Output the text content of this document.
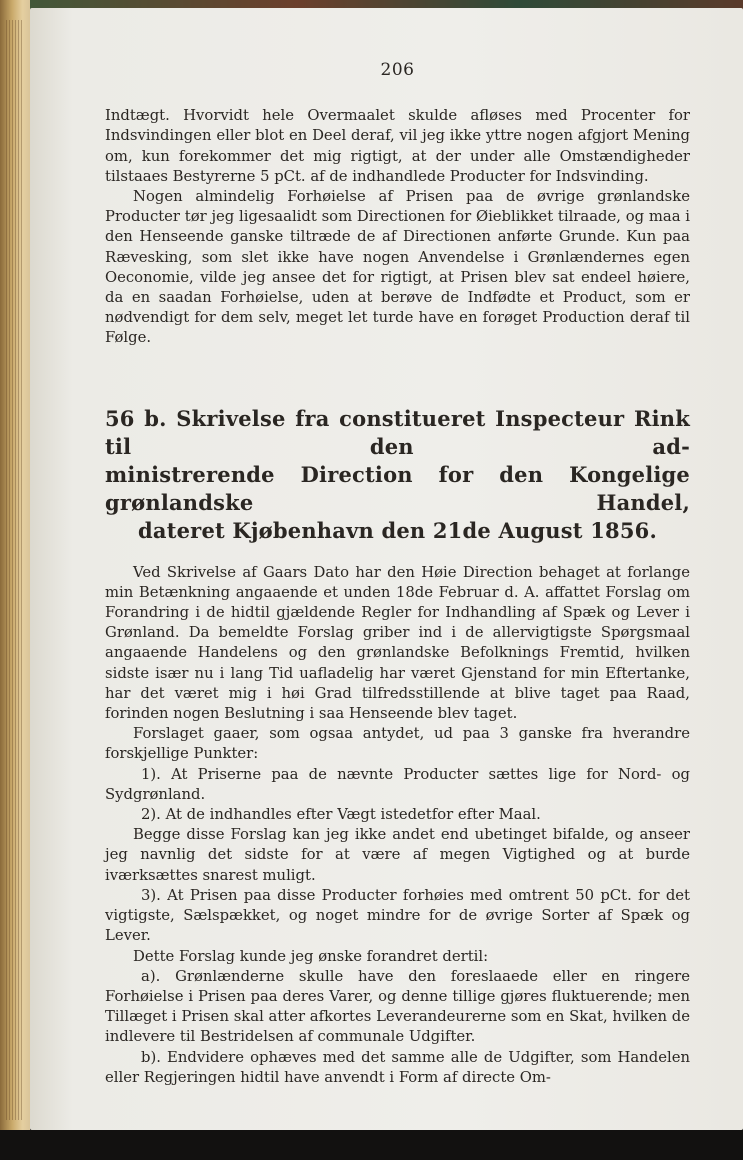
206

Indtægt. Hvorvidt hele Overmaalet skulde afløses med Procenter for Indsvindingen eller blot en Deel deraf, vil jeg ikke yttre nogen afgjort Mening om, kun forekommer det mig rigtigt, at der under alle Omstændigheder tilstaaes Bestyrerne 5 pCt. af de indhandlede Producter for Indsvinding.

Nogen almindelig Forhøielse af Prisen paa de øvrige grønlandske Producter tør jeg ligesaalidt som Directionen for Øieblikket tilraade, og maa i den Henseende ganske tiltræde de af Directionen anførte Grunde. Kun paa Rævesking, som slet ikke have nogen Anvendelse i Grønlændernes egen Oeconomie, vilde jeg ansee det for rigtigt, at Prisen blev sat endeel høiere, da en saadan Forhøielse, uden at berøve de Indfødte et Product, som er nødvendigt for dem selv, meget let turde have en forøget Production deraf til Følge.

56 b. Skrivelse fra constitueret Inspecteur Rink til den ad-
ministrerende Direction for den Kongelige grønlandske Handel,
dateret Kjøbenhavn den 21de August 1856.

Ved Skrivelse af Gaars Dato har den Høie Direction behaget at forlange min Betænkning angaaende et unden 18de Februar d. A. affattet Forslag om Forandring i de hidtil gjældende Regler for Indhandling af Spæk og Lever i Grønland. Da bemeldte Forslag griber ind i de allervigtigste Spørgsmaal angaaende Handelens og den grønlandske Befolknings Fremtid, hvilken sidste især nu i lang Tid uafladelig har været Gjenstand for min Eftertanke, har det været mig i høi Grad tilfredsstillende at blive taget paa Raad, forinden nogen Beslutning i saa Henseende blev taget.

Forslaget gaaer, som ogsaa antydet, ud paa 3 ganske fra hverandre forskjellige Punkter:

1). At Priserne paa de nævnte Producter sættes lige for Nord- og Sydgrønland.

2). At de indhandles efter Vægt istedetfor efter Maal.

Begge disse Forslag kan jeg ikke andet end ubetinget bifalde, og anseer jeg navnlig det sidste for at være af megen Vigtighed og at burde iværksættes snarest muligt.

3). At Prisen paa disse Producter forhøies med omtrent 50 pCt. for det vigtigste, Sælspækket, og noget mindre for de øvrige Sorter af Spæk og Lever.

Dette Forslag kunde jeg ønske forandret dertil:

a). Grønlænderne skulle have den foreslaaede eller en ringere Forhøielse i Prisen paa deres Varer, og denne tillige gjøres fluktuerende; men Tillæget i Prisen skal atter afkortes Leverandeurerne som en Skat, hvilken de indlevere til Bestridelsen af communale Udgifter.

b). Endvidere ophæves med det samme alle de Udgifter, som Handelen eller Regjeringen hidtil have anvendt i Form af directe Om-
